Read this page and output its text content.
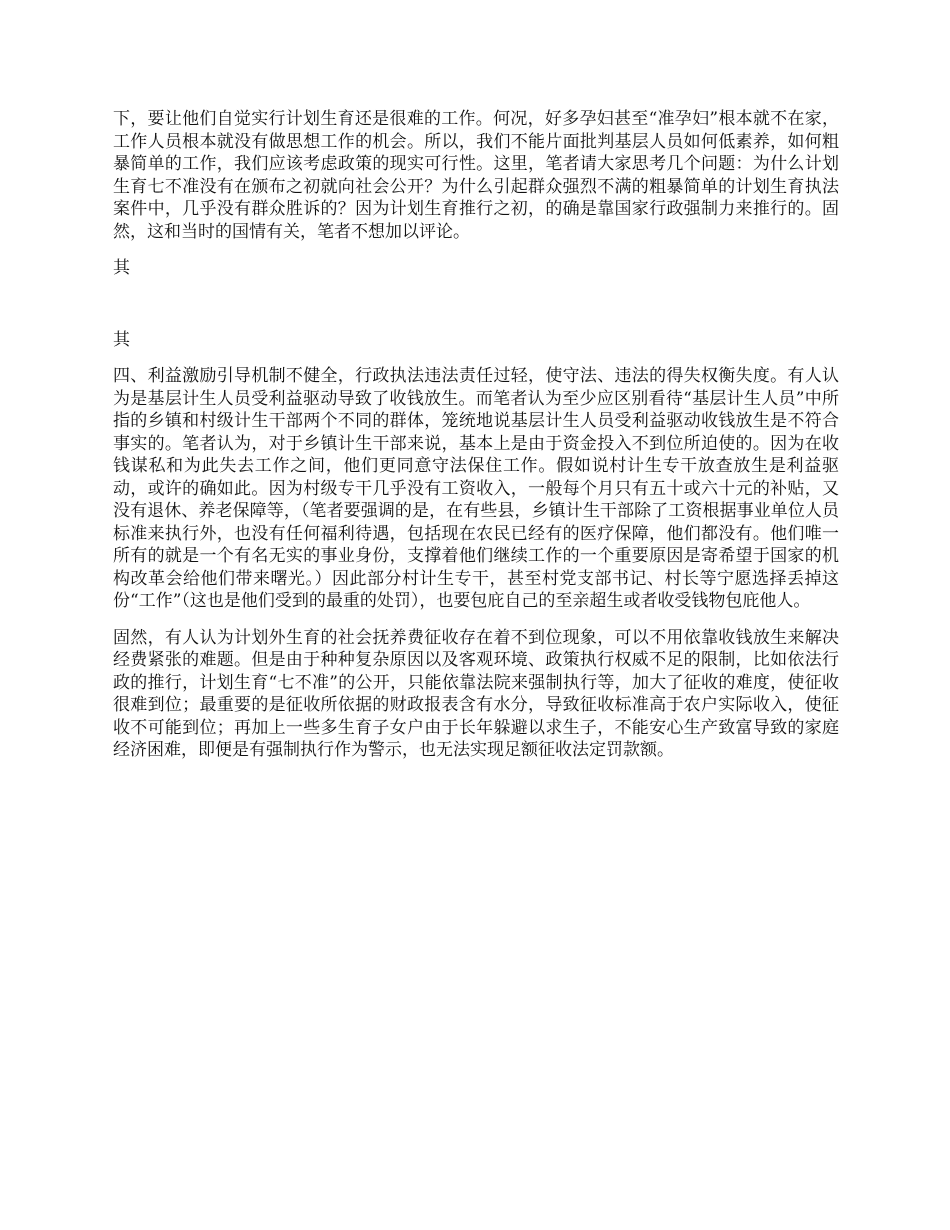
下，要让他们自觉实行计划生育还是很难的工作。何况，好多孕妇甚至“准孕妇”根本就不在家，工作人员根本就没有做思想工作的机会。所以，我们不能片面批判基层人员如何低素养，如何粗暴简单的工作，我们应该考虑政策的现实可行性。这里，笔者请大家思考几个问题：为什么计划生育七不准没有在颁布之初就向社会公开？为什么引起群众强烈不满的粗暴简单的计划生育执法案件中，几乎没有群众胜诉的？因为计划生育推行之初，的确是靠国家行政强制力来推行的。固然，这和当时的国情有关，笔者不想加以评论。

其

其

四、利益激励引导机制不健全，行政执法违法责任过轻，使守法、违法的得失权衡失度。有人认为是基层计生人员受利益驱动导致了收钱放生。而笔者认为至少应区别看待“基层计生人员”中所指的乡镇和村级计生干部两个不同的群体，笼统地说基层计生人员受利益驱动收钱放生是不符合事实的。笔者认为，对于乡镇计生干部来说，基本上是由于资金投入不到位所迫使的。因为在收钱谋私和为此失去工作之间，他们更同意守法保住工作。假如说村计生专干放查放生是利益驱动，或许的确如此。因为村级专干几乎没有工资收入，一般每个月只有五十或六十元的补贴，又没有退休、养老保障等，（笔者要强调的是，在有些县，乡镇计生干部除了工资根据事业单位人员标准来执行外，也没有任何福利待遇，包括现在农民已经有的医疗保障，他们都没有。他们唯一所有的就是一个有名无实的事业身份，支撑着他们继续工作的一个重要原因是寄希望于国家的机构改革会给他们带来曙光。）因此部分村计生专干，甚至村党支部书记、村长等宁愿选择丢掉这份“工作”（这也是他们受到的最重的处罚），也要包庇自己的至亲超生或者收受钱物包庇他人。

固然，有人认为计划外生育的社会抚养费征收存在着不到位现象，可以不用依靠收钱放生来解决经费紧张的难题。但是由于种种复杂原因以及客观环境、政策执行权威不足的限制，比如依法行政的推行，计划生育“七不准”的公开，只能依靠法院来强制执行等，加大了征收的难度，使征收很难到位；最重要的是征收所依据的财政报表含有水分，导致征收标准高于农户实际收入，使征收不可能到位；再加上一些多生育子女户由于长年躲避以求生子，不能安心生产致富导致的家庭经济困难，即便是有强制执行作为警示，也无法实现足额征收法定罚款额。
